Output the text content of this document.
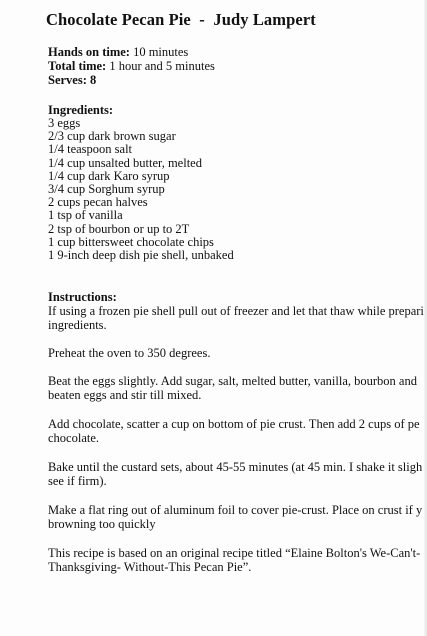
Chocolate Pecan Pie  -  Judy Lampert
Hands on time: 10 minutes
Total time: 1 hour and 5 minutes
Serves: 8
Ingredients:
3 eggs
2/3 cup dark brown sugar
1/4 teaspoon salt
1/4 cup unsalted butter, melted
1/4 cup dark Karo syrup
3/4 cup Sorghum syrup
2 cups pecan halves
1 tsp of vanilla
2 tsp of bourbon or up to 2T
1 cup bittersweet chocolate chips
1 9-inch deep dish pie shell, unbaked
Instructions:
If using a frozen pie shell pull out of freezer and let that thaw while prepari
ingredients.
Preheat the oven to 350 degrees.
Beat the eggs slightly. Add sugar, salt, melted butter, vanilla, bourbon and
beaten eggs and stir till mixed.
Add chocolate, scatter a cup on bottom of pie crust. Then add 2 cups of pe
chocolate.
Bake until the custard sets, about 45-55 minutes (at 45 min. I shake it sligh
see if firm).
Make a flat ring out of aluminum foil to cover pie-crust. Place on crust if y
browning too quickly
This recipe is based on an original recipe titled “Elaine Bolton's We-Can't-
Thanksgiving- Without-This Pecan Pie”.
